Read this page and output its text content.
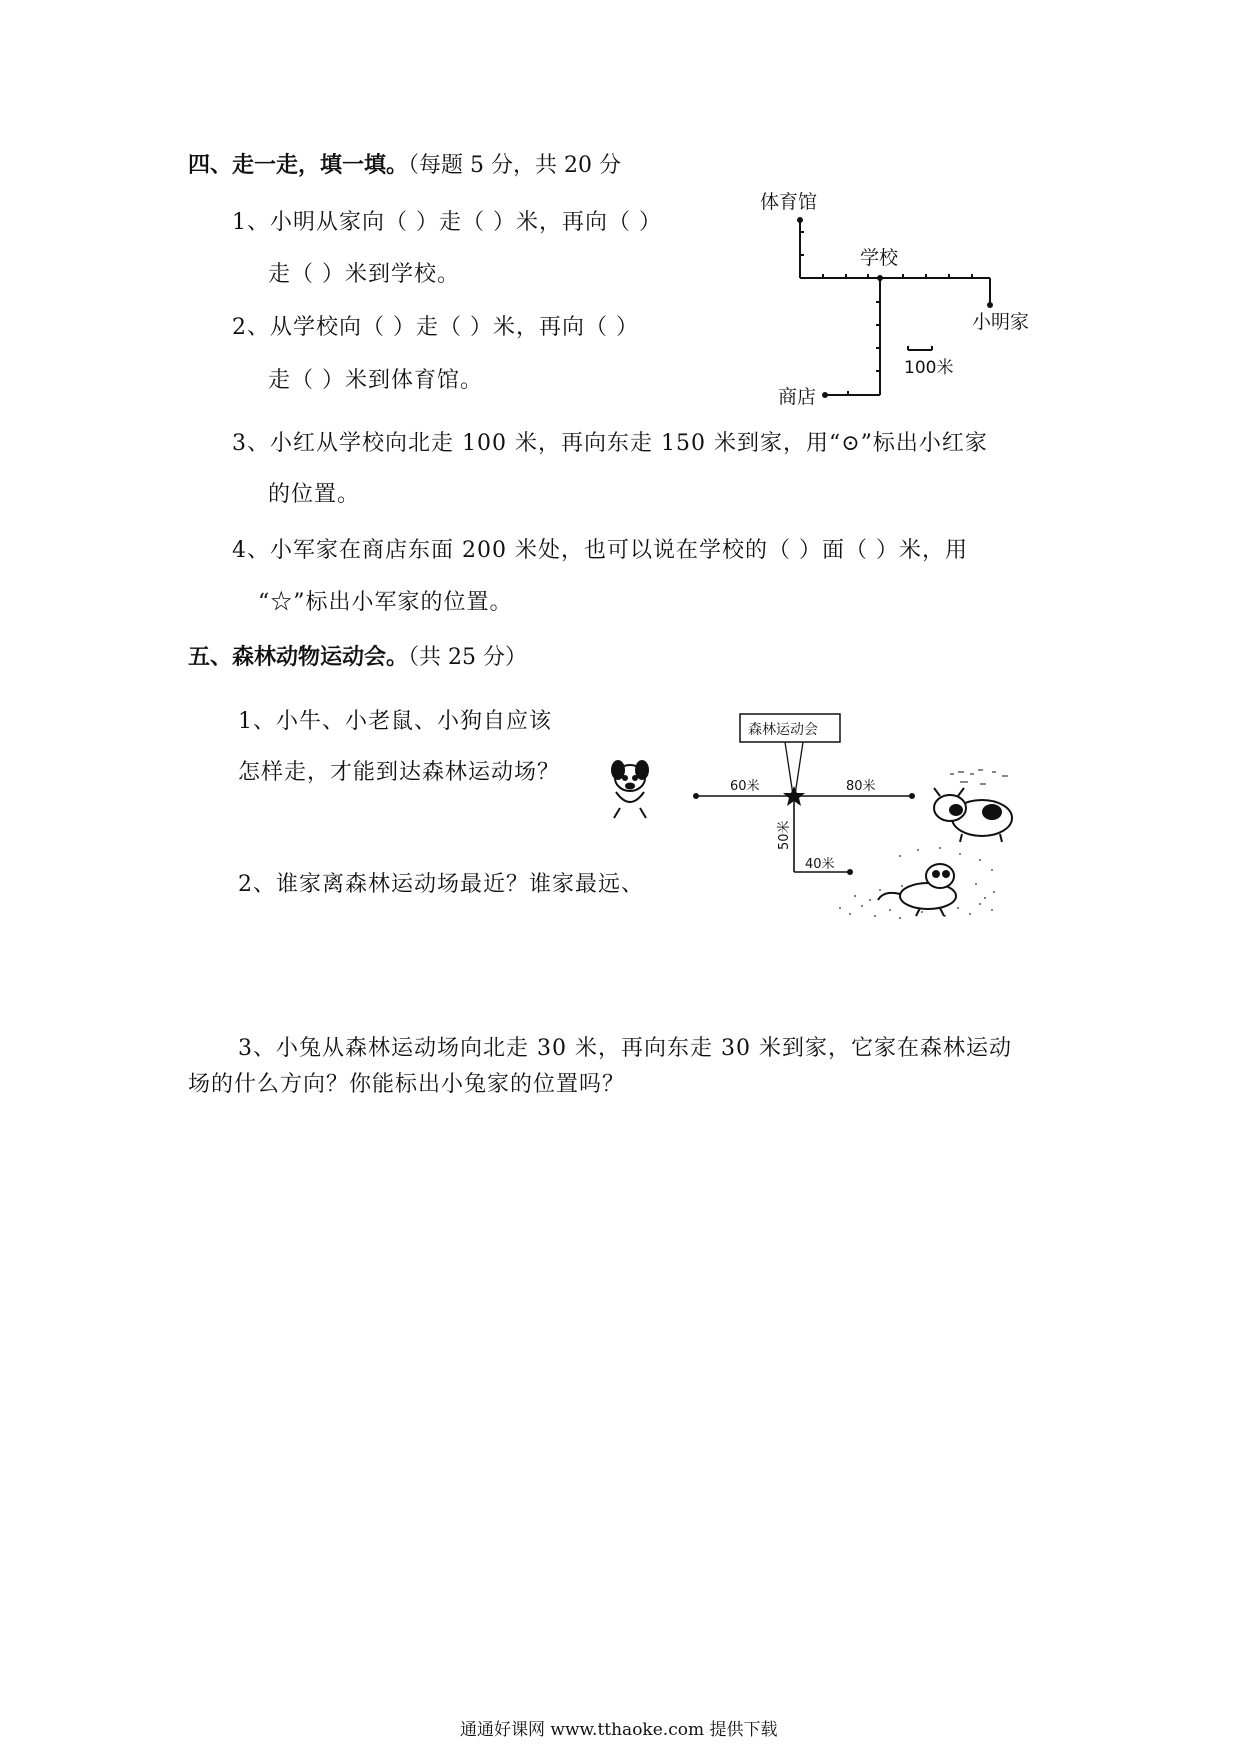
四、走一走，填一填。（每题 5 分，共 20 分
1、小明从家向（ ）走（ ）米，再向（ ）
走（ ）米到学校。
2、从学校向（ ）走（ ）米，再向（ ）
走（ ）米到体育馆。
3、小红从学校向北走 100 米，再向东走 150 米到家，用“⊙”标出小红家
的位置。
4、小军家在商店东面 200 米处，也可以说在学校的（ ）面（ ）米，用
“☆”标出小军家的位置。
体育馆
学校
小明家
商店
100米
五、森林动物运动会。（共 25 分）
1、小牛、小老鼠、小狗自应该
怎样走，才能到达森林运动场？
2、谁家离森林运动场最近？谁家最远、
3、小兔从森林运动场向北走 30 米，再向东走 30 米到家，它家在森林运动
场的什么方向？你能标出小兔家的位置吗？
森林运动会
60米	80米
40米
50米
通通好课网 www.tthaoke.com 提供下载
